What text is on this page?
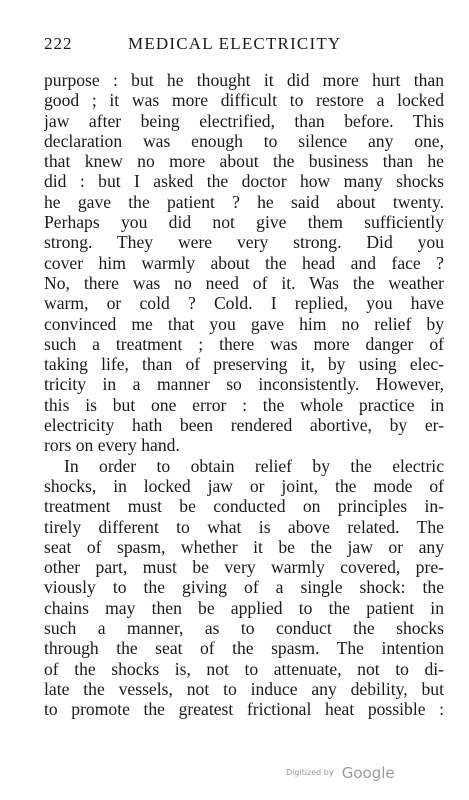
222	MEDICAL ELECTRICITY
purpose : but he thought it did more hurt than
good ; it was more difficult to restore a locked
jaw after being electrified, than before. This
declaration was enough to silence any one,
that knew no more about the business than he
did : but I asked the doctor how many shocks
he gave the patient ? he said about twenty.
Perhaps you did not give them sufficiently
strong. They were very strong. Did you
cover him warmly about the head and face ?
No, there was no need of it. Was the weather
warm, or cold ? Cold. I replied, you have
convinced me that you gave him no relief by
such a treatment ; there was more danger of
taking life, than of preserving it, by using elec-
tricity in a manner so inconsistently. However,
this is but one error : the whole practice in
electricity hath been rendered abortive, by er-
rors on every hand.
In order to obtain relief by the electric
shocks, in locked jaw or joint, the mode of
treatment must be conducted on principles in-
tirely different to what is above related. The
seat of spasm, whether it be the jaw or any
other part, must be very warmly covered, pre-
viously to the giving of a single shock: the
chains may then be applied to the patient in
such a manner, as to conduct the shocks
through the seat of the spasm. The intention
of the shocks is, not to attenuate, not to di-
late the vessels, not to induce any debility, but
to promote the greatest frictional heat possible :
Digitized by Google
